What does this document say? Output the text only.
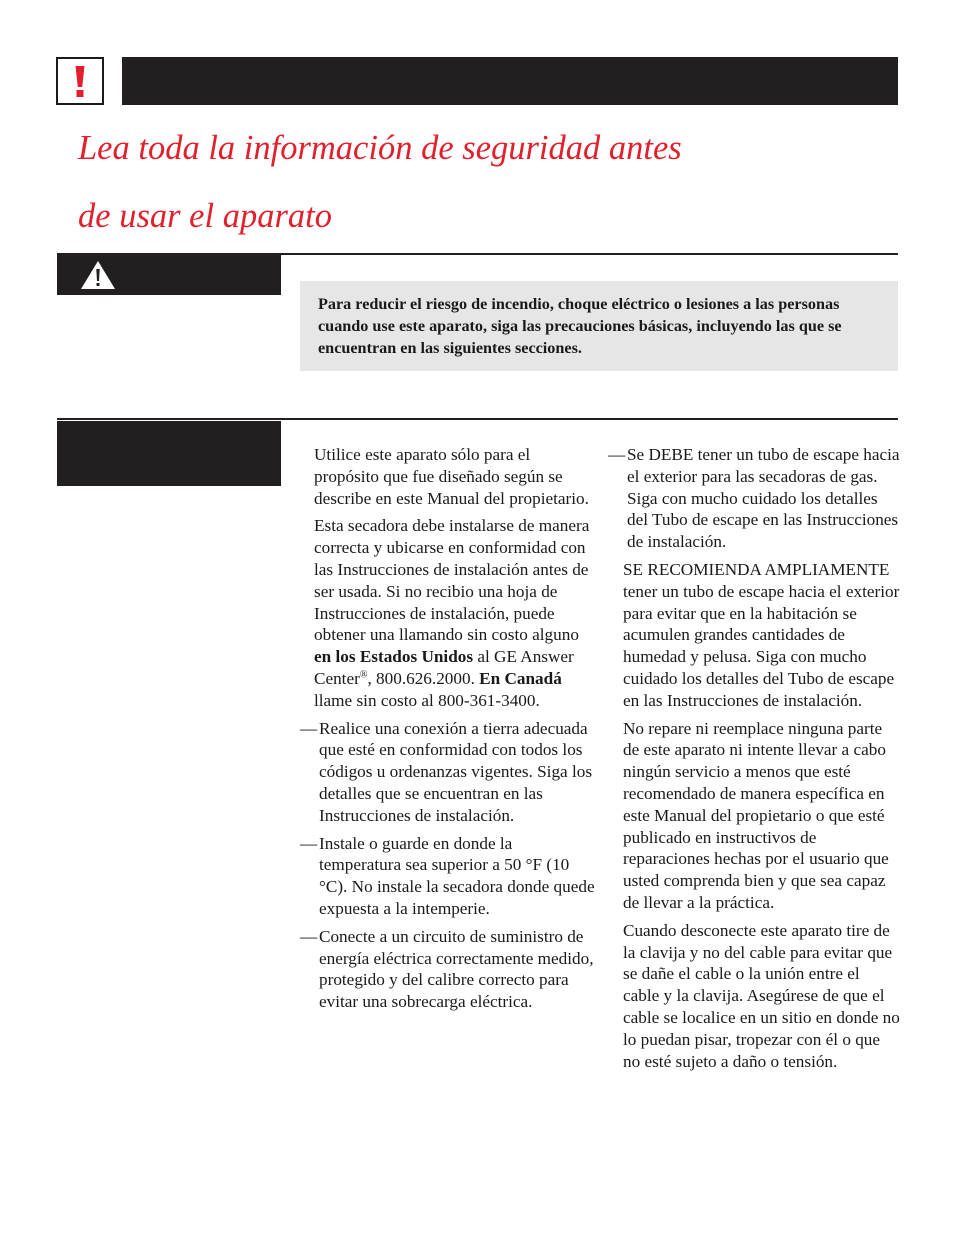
Lea toda la información de seguridad antes
de usar el aparato
Para reducir el riesgo de incendio, choque eléctrico o lesiones a las personas cuando use este aparato, siga las precauciones básicas, incluyendo las que se encuentran en las siguientes secciones.

Utilice este aparato sólo para el propósito que fue diseñado según se describe en este Manual del propietario.

Esta secadora debe instalarse de manera correcta y ubicarse en conformidad con las Instrucciones de instalación antes de ser usada. Si no recibio una hoja de Instrucciones de instalación, puede obtener una llamando sin costo alguno en los Estados Unidos al GE Answer Center®, 800.626.2000. En Canadá llame sin costo al 800-361-3400.

— Realice una conexión a tierra adecuada que esté en conformidad con todos los códigos u ordenanzas vigentes. Siga los detalles que se encuentran en las Instrucciones de instalación.
— Instale o guarde en donde la temperatura sea superior a 50 °F (10 °C). No instale la secadora donde quede expuesta a la intemperie.
— Conecte a un circuito de suministro de energía eléctrica correctamente medido, protegido y del calibre correcto para evitar una sobrecarga eléctrica.
— Se DEBE tener un tubo de escape hacia el exterior para las secadoras de gas. Siga con mucho cuidado los detalles del Tubo de escape en las Instrucciones de instalación.

SE RECOMIENDA AMPLIAMENTE tener un tubo de escape hacia el exterior para evitar que en la habitación se acumulen grandes cantidades de humedad y pelusa. Siga con mucho cuidado los detalles del Tubo de escape en las Instrucciones de instalación.

No repare ni reemplace ninguna parte de este aparato ni intente llevar a cabo ningún servicio a menos que esté recomendado de manera específica en este Manual del propietario o que esté publicado en instructivos de reparaciones hechas por el usuario que usted comprenda bien y que sea capaz de llevar a la práctica.

Cuando desconecte este aparato tire de la clavija y no del cable para evitar que se dañe el cable o la unión entre el cable y la clavija. Asegúrese de que el cable se localice en un sitio en donde no lo puedan pisar, tropezar con él o que no esté sujeto a daño o tensión.
